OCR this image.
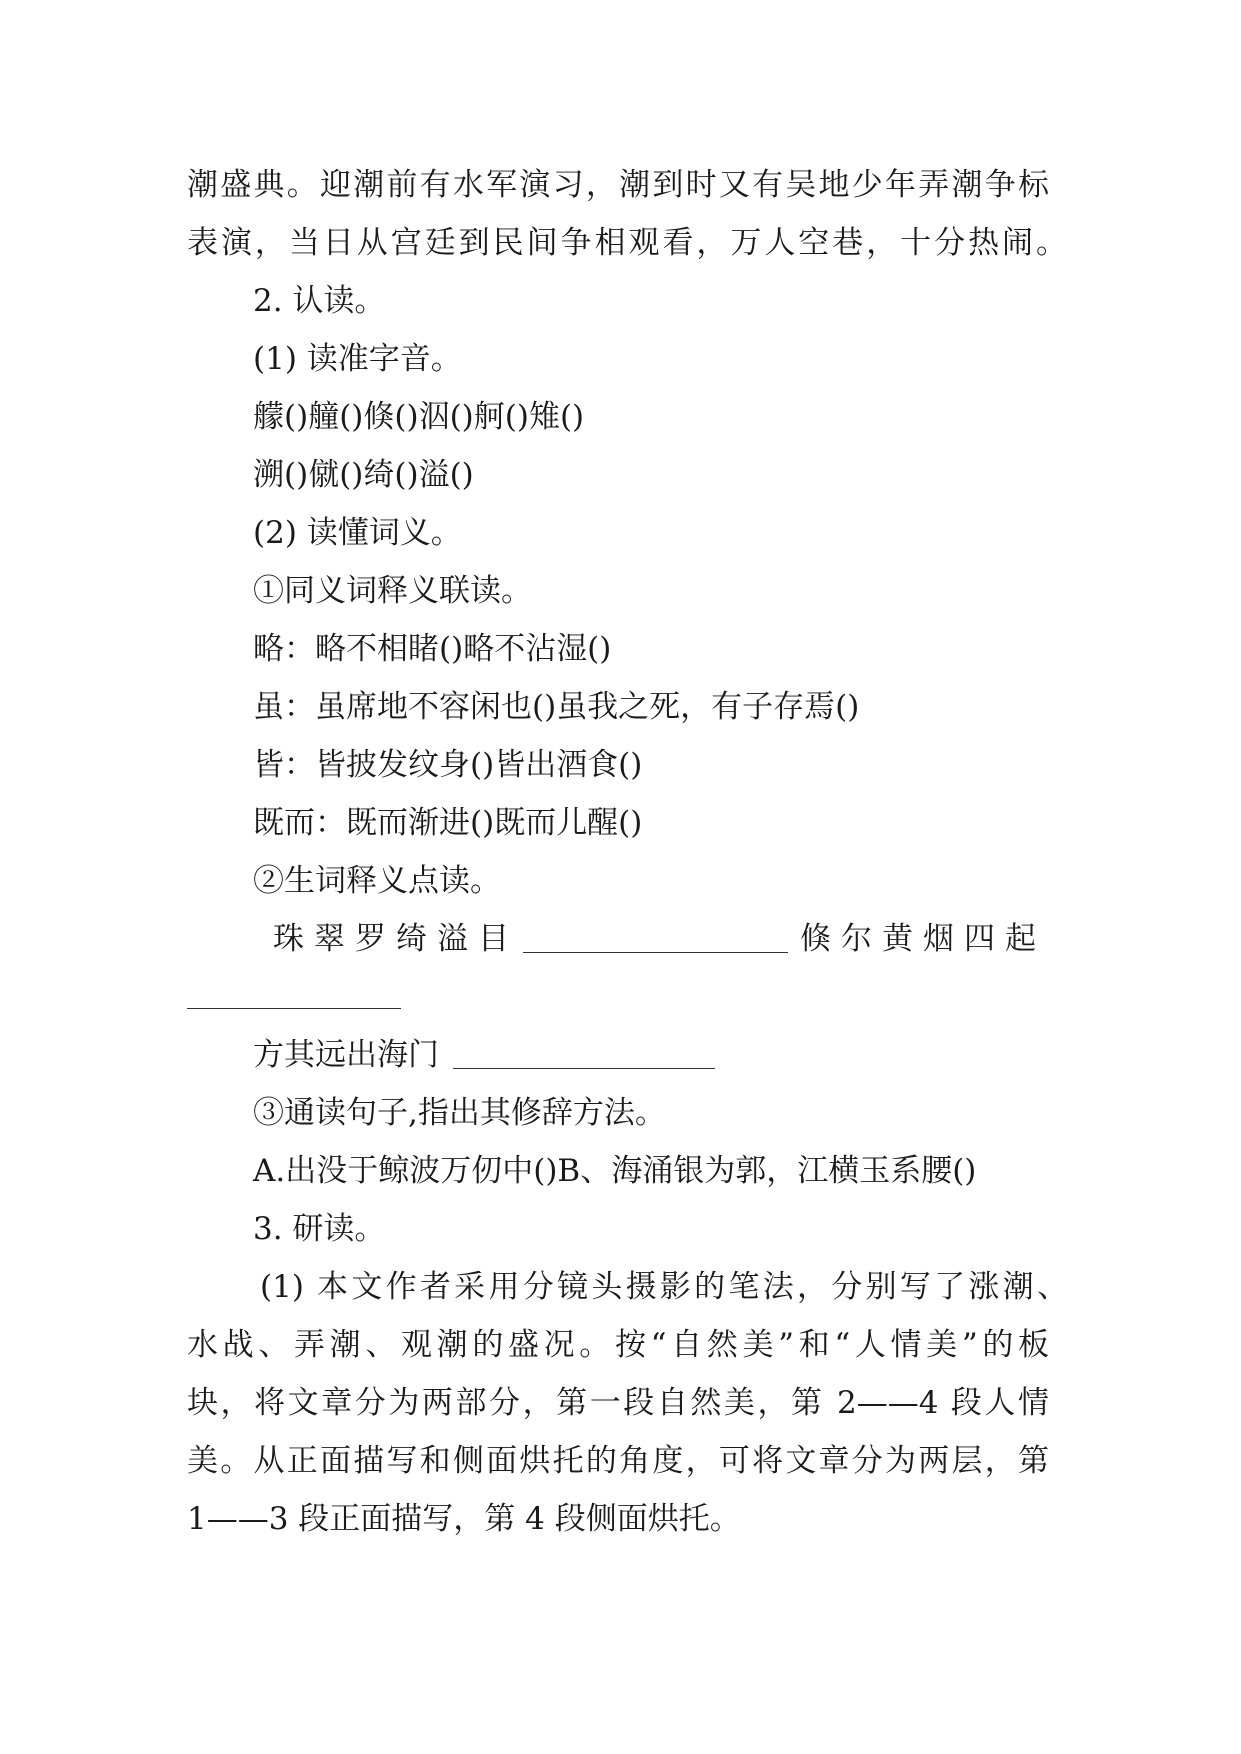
潮盛典。迎潮前有水军演习，潮到时又有吴地少年弄潮争标
表演，当日从宫廷到民间争相观看，万人空巷，十分热闹。
2. 认读。
(1) 读准字音。
艨()艟()倏()泅()舸()雉()
溯()僦()绮()溢()
(2) 读懂词义。
①同义词释义联读。
略：略不相睹()略不沾湿()
虽：虽席地不容闲也()虽我之死，有子存焉()
皆：皆披发纹身()皆出酒食()
既而：既而渐进()既而儿醒()
②生词释义点读。
珠翠罗绮溢目	倏尔黄烟四起
方其远出海门
③通读句子,指出其修辞方法。
A.出没于鲸波万仞中()B、海涌银为郭，江横玉系腰()
3. 研读。
(1) 本文作者采用分镜头摄影的笔法，分别写了涨潮、
水战、弄潮、观潮的盛况。按“自然美”和“人情美”的板
块，将文章分为两部分，第一段自然美，第 2——4 段人情
美。从正面描写和侧面烘托的角度，可将文章分为两层，第
1——3 段正面描写，第 4 段侧面烘托。
